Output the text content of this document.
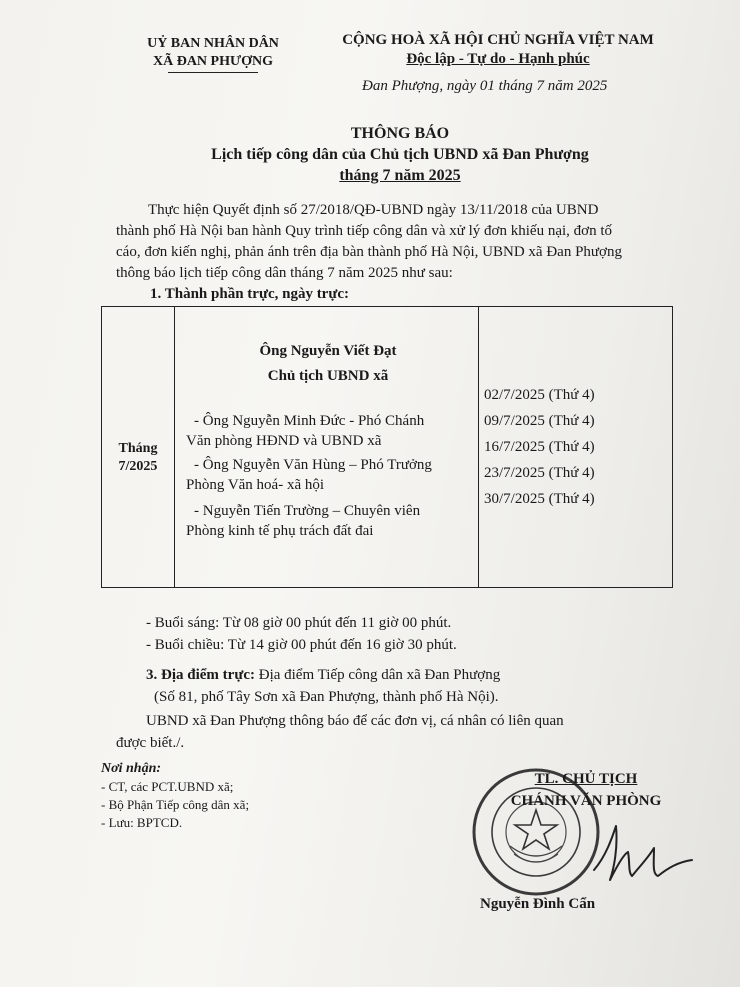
UỶ BAN NHÂN DÂN
XÃ ĐAN PHƯỢNG
CỘNG HOÀ XÃ HỘI CHỦ NGHĨA VIỆT NAM
Độc lập - Tự do - Hạnh phúc
Đan Phượng, ngày 01 tháng 7 năm 2025
THÔNG BÁO
Lịch tiếp công dân của Chủ tịch UBND xã Đan Phượng
tháng 7 năm 2025
Thực hiện Quyết định số 27/2018/QĐ-UBND ngày 13/11/2018 của UBND
thành phố Hà Nội ban hành Quy trình tiếp công dân và xử lý đơn khiếu nại, đơn tố
cáo, đơn kiến nghị, phản ánh trên địa bàn thành phố Hà Nội, UBND xã Đan Phượng
thông báo lịch tiếp công dân tháng 7 năm 2025 như sau:
1. Thành phần trực, ngày trực:
Tháng
7/2025
Ông Nguyễn Viết Đạt
Chủ tịch UBND xã
- Ông Nguyễn Minh Đức - Phó Chánh
Văn phòng HĐND và UBND xã
- Ông Nguyễn Văn Hùng – Phó Trưởng
Phòng Văn hoá- xã hội
- Nguyễn Tiến Trường – Chuyên viên
Phòng kinh tế phụ trách đất đai
02/7/2025 (Thứ 4)
09/7/2025 (Thứ 4)
16/7/2025 (Thứ 4)
23/7/2025 (Thứ 4)
30/7/2025 (Thứ 4)
- Buổi sáng: Từ 08 giờ 00 phút đến 11 giờ 00 phút.
- Buổi chiều: Từ 14 giờ 00 phút đến 16 giờ 30 phút.
3. Địa điểm trực: Địa điểm Tiếp công dân xã Đan Phượng
(Số 81, phố Tây Sơn xã Đan Phượng, thành phố Hà Nội).
UBND xã Đan Phượng thông báo để các đơn vị, cá nhân có liên quan
được biết./.
Nơi nhận:
- CT, các PCT.UBND xã;
- Bộ Phận Tiếp công dân xã;
- Lưu: BPTCD.
TL. CHỦ TỊCH
CHÁNH VĂN PHÒNG
Nguyễn Đình Cẩn
